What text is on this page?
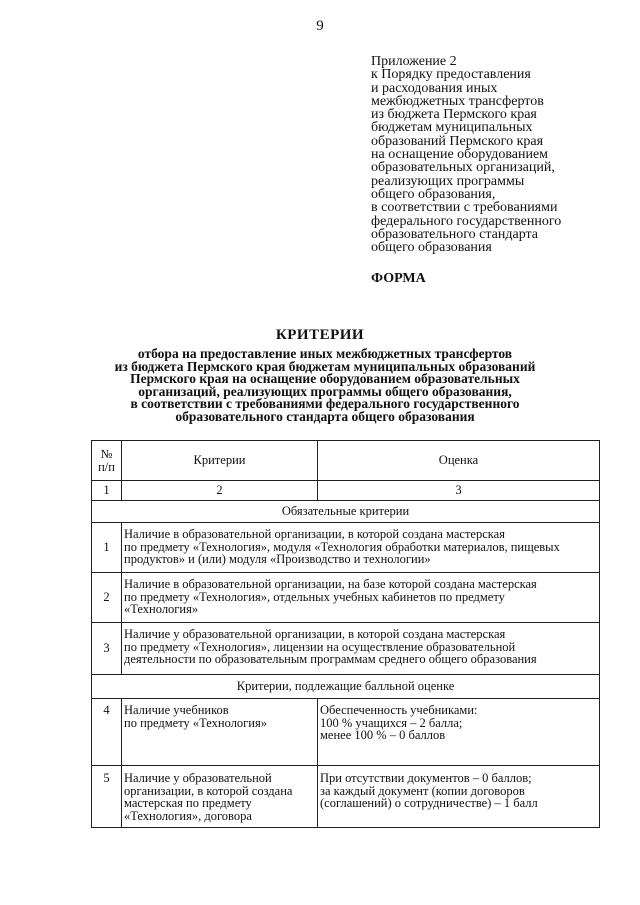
9
Приложение 2
к Порядку предоставления
и расходования иных
межбюджетных трансфертов
из бюджета Пермского края
бюджетам муниципальных
образований Пермского края
на оснащение оборудованием
образовательных организаций,
реализующих программы
общего образования,
в соответствии с требованиями
федерального государственного
образовательного стандарта
общего образования
ФОРМА
КРИТЕРИИ
отбора на предоставление иных межбюджетных трансфертов
из бюджета Пермского края бюджетам муниципальных образований
Пермского края на оснащение оборудованием образовательных
организаций, реализующих программы общего образования,
в соответствии с требованиями федерального государственного
образовательного стандарта общего образования
№
п/п	Критерии	Оценка
1	2	3
Обязательные критерии		
1	Наличие в образовательной организации, в которой создана мастерская
по предмету «Технология», модуля «Технология обработки материалов, пищевых
продуктов» и (или) модуля «Производство и технологии»	

2	Наличие в образовательной организации, на базе которой создана мастерская
по предмету «Технология», отдельных учебных кабинетов по предмету
«Технология»	

3	Наличие у образовательной организации, в которой создана мастерская
по предмету «Технология», лицензии на осуществление образовательной
деятельности по образовательным программам среднего общего образования	

Критерии, подлежащие балльной оценке		
4	Наличие учебников
по предмету «Технология»	Обеспеченность учебниками:
100 % учащихся – 2 балла;
менее 100 % – 0 баллов

5	Наличие у образовательной
организации, в которой создана
мастерская по предмету
«Технология», договора	При отсутствии документов – 0 баллов;
за каждый документ (копии договоров
(соглашений) о сотрудничестве) – 1 балл
